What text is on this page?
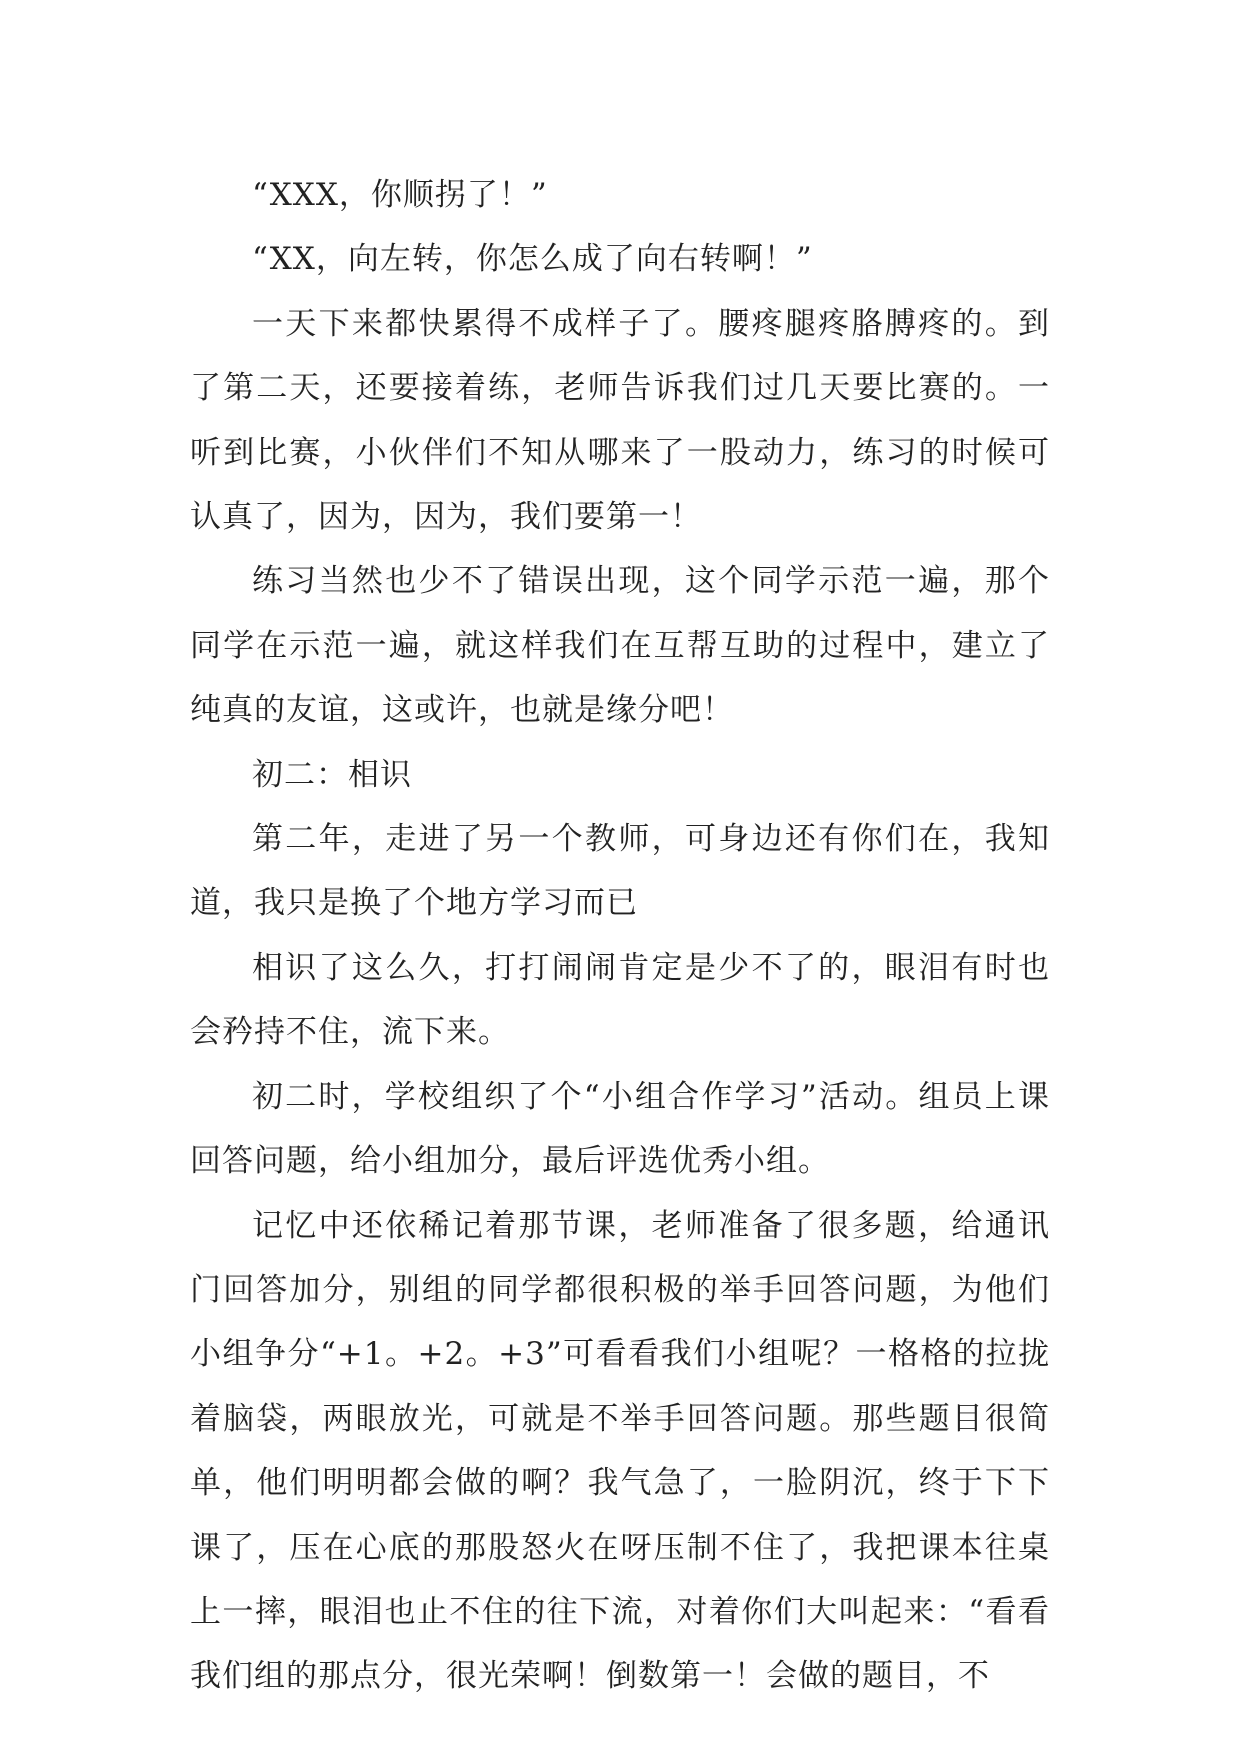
“XXX，你顺拐了！”

“XX，向左转，你怎么成了向右转啊！”

一天下来都快累得不成样子了。腰疼腿疼胳膊疼的。到了第二天，还要接着练，老师告诉我们过几天要比赛的。一听到比赛，小伙伴们不知从哪来了一股动力，练习的时候可认真了，因为，因为，我们要第一！

练习当然也少不了错误出现，这个同学示范一遍，那个同学在示范一遍，就这样我们在互帮互助的过程中，建立了纯真的友谊，这或许，也就是缘分吧！

初二：相识

第二年，走进了另一个教师，可身边还有你们在，我知道，我只是换了个地方学习而已

相识了这么久，打打闹闹肯定是少不了的，眼泪有时也会矜持不住，流下来。

初二时，学校组织了个“小组合作学习”活动。组员上课回答问题，给小组加分，最后评选优秀小组。

记忆中还依稀记着那节课，老师准备了很多题，给通讯门回答加分，别组的同学都很积极的举手回答问题，为他们小组争分“+1。+2。+3”可看看我们小组呢？一格格的拉拢着脑袋，两眼放光，可就是不举手回答问题。那些题目很简单，他们明明都会做的啊？我气急了，一脸阴沉，终于下下课了，压在心底的那股怒火在呀压制不住了，我把课本往桌上一摔，眼泪也止不住的往下流，对着你们大叫起来：“看看我们组的那点分，很光荣啊！倒数第一！会做的题目，不
